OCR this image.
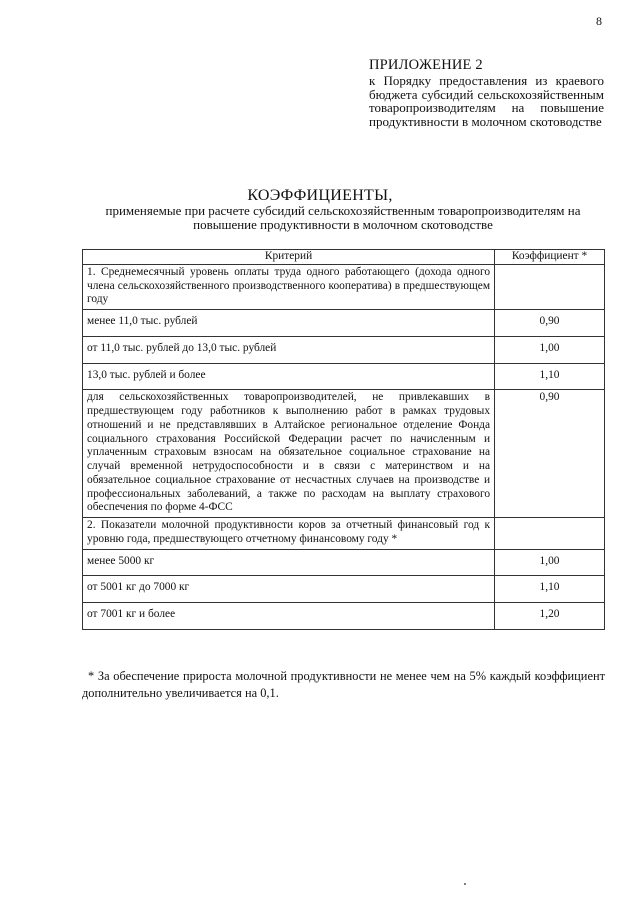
8
ПРИЛОЖЕНИЕ 2
к Порядку предоставления из краевого бюджета субсидий сельскохозяйственным товаропроизводителям на повышение продуктивности в молочном скотоводстве
КОЭФФИЦИЕНТЫ,
применяемые при расчете субсидий сельскохозяйственным товаропроизводителям на повышение продуктивности в молочном скотоводстве
Критерий	Коэффициент *
1. Среднемесячный уровень оплаты труда одного работающего (дохода одного члена сельскохозяйственного производственного кооператива) в предшествующем году	
менее 11,0 тыс. рублей	0,90
от 11,0 тыс. рублей до 13,0 тыс. рублей	1,00
13,0 тыс. рублей и более	1,10
для сельскохозяйственных товаропроизводителей, не привлекавших в предшествующем году работников к выполнению работ в рамках трудовых отношений и не представлявших в Алтайское региональное отделение Фонда социального страхования Российской Федерации расчет по начисленным и уплаченным страховым взносам на обязательное социальное страхование на случай временной нетрудоспособности и в связи с материнством и на обязательное социальное страхование от несчастных случаев на производстве и профессиональных заболеваний, а также по расходам на выплату страхового обеспечения по форме 4-ФСС	0,90
2. Показатели молочной продуктивности коров за отчетный финансовый год к уровню года, предшествующего отчетному финансовому году *	
менее 5000 кг	1,00
от 5001 кг до 7000 кг	1,10
от 7001 кг и более	1,20
* За обеспечение прироста молочной продуктивности не менее чем на 5% каждый коэффициент дополнительно увеличивается на 0,1.
